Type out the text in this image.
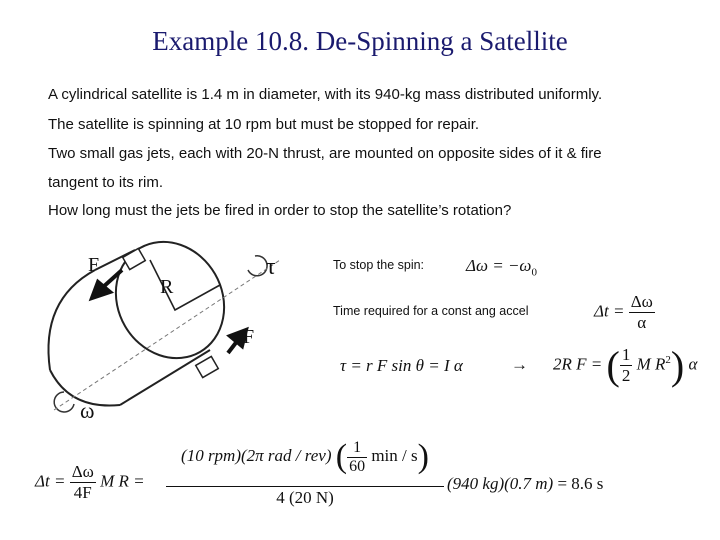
Example 10.8. De-Spinning a Satellite
A cylindrical satellite is 1.4 m in diameter, with its 940-kg mass distributed uniformly.
The satellite is spinning at 10 rpm but must be stopped for repair.
Two small gas jets, each with 20-N thrust, are mounted on opposite sides of it & fire
tangent to its rim.
How long must the jets be fired in order to stop the satellite’s rotation?
F
F
R
τ
ω
To stop the spin: $\Delta\omega = -\omega_0$
Time required for a const ang accel	$\Delta t = \frac{\Delta\omega}{\alpha}$
τ = r F sin θ = I α	→ 2R F = ( $\frac{1}{2}$ M $R^2$) α
$\Delta t = \frac{\Delta\omega}{4F}$ M R =
(10 rpm)(2π rad / rev) ( $\frac{1}{60}$ min / s)
4 (20 N)
(940 kg)(0.7 m) = 8.6 s
